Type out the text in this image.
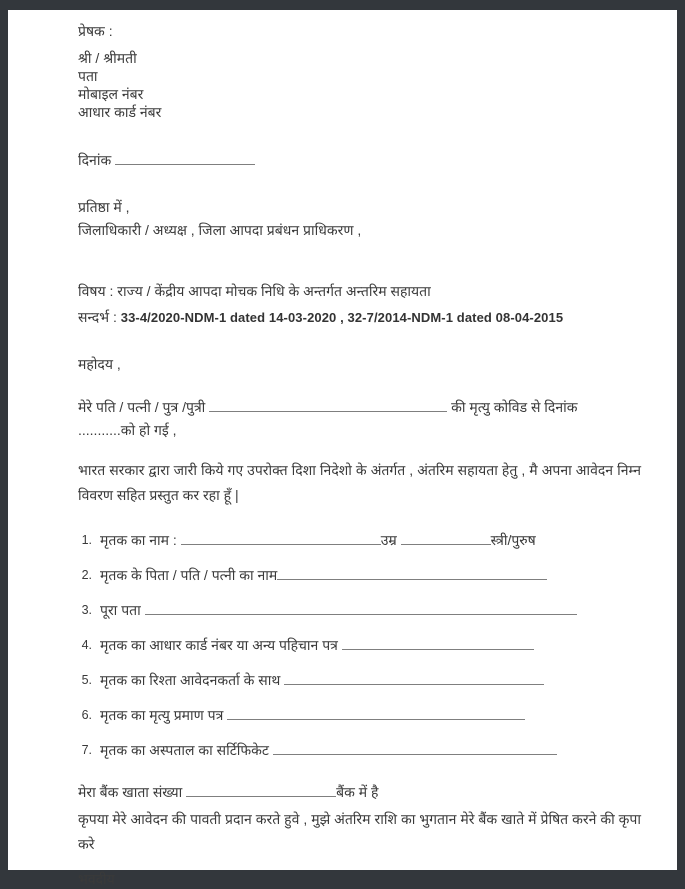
प्रेषक :
श्री / श्रीमती
पता
मोबाइल नंबर
आधार कार्ड नंबर
दिनांक
प्रतिष्ठा में ,
जिलाधिकारी / अध्यक्ष , जिला आपदा प्रबंधन प्राधिकरण ,
विषय : राज्य / केंद्रीय आपदा मोचक निधि के अन्तर्गत अन्तरिम सहायता
सन्दर्भ : 33-4/2020-NDM-1 dated 14-03-2020 , 32-7/2014-NDM-1 dated 08-04-2015
महोदय ,
मेरे पति / पत्नी / पुत्र /पुत्री	की मृत्यु कोविड से दिनांक
...........को हो गई ,
भारत सरकार द्वारा जारी किये गए उपरोक्त दिशा निदेशो के अंतर्गत , अंतरिम सहायता हेतु , मै अपना आवेदन निम्न विवरण सहित प्रस्तुत कर रहा हूँ |
1. मृतक का नाम :	उम्र	स्त्री/पुरुष
2. मृतक के पिता / पति / पत्नी का नाम
3. पूरा पता
4. मृतक का आधार कार्ड नंबर या अन्य पहिचान पत्र
5. मृतक का रिश्ता आवेदनकर्ता के साथ
6. मृतक का मृत्यु प्रमाण पत्र
7. मृतक का अस्पताल का सर्टिफिकेट
मेरा बैंक खाता संख्या	बैंक में है
कृपया मेरे आवेदन की पावती प्रदान करते हुवे , मुझे अंतरिम राशि का भुगतान मेरे बैंक खाते में प्रेषित करने की कृपा करे
भवदीय
